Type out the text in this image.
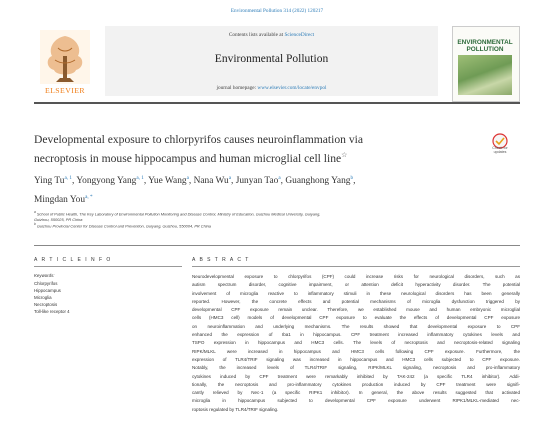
Environmental Pollution 314 (2022) 120217
ELSEVIER
Contents lists available at ScienceDirect
Environmental Pollution
journal homepage: www.elsevier.com/locate/envpol
ENVIRONMENTAL
POLLUTION
Developmental exposure to chlorpyrifos causes neuroinflammation via
necroptosis in mouse hippocampus and human microglial cell line☆
Check for
updates
Ying Tu$^{a, 1}$, Yongyong Yang$^{a, 1}$, Yue Wang$^a$, Nana Wu$^a$, Junyan Tao$^a$, Guanghong Yang$^b$,
Mingdan You$^{a, *}$
$^a$ School of Public Health, The Key Laboratory of Environmental Pollution Monitoring and Disease Control, Ministry of Education, Guizhou Medical University, Guiyang,
Guizhou, 550025, PR China
$^b$ Guizhou Provincial Center for Disease Control and Prevention, Guiyang, Guizhou, 550004, PR China
A R T I C L E I N F O	A B S T R A C T
Keywords:
Chlorpyrifos
Hippocampus
Microglia
Necroptosis
Toll-like receptor 4
Neurodevelopmental exposure to chlorpyrifos (CPF) could increase risks for neurological disorders, such as
autism spectrum disorder, cognitive impairment, or attention deficit hyperactivity disorder. The potential
involvement of microglia reactive to inflammatory stimuli in these neurological disorders has been generally
reported. However, the concrete effects and potential mechanisms of microglia dysfunction triggered by
developmental CPF exposure remain unclear. Therefore, we established mouse and human embryonic microglial
cells (HMC3 cell) models of developmental CPF exposure to evaluate the effects of developmental CPF exposure
on neuroinflammation and underlying mechanisms. The results showed that developmental exposure to CPF
enhanced the expression of Iba1 in hippocampus. CPF treatment increased inflammatory cytokines levels and
TSPO expression in hippocampus and HMC3 cells. The levels of necroptosis and necroptosis-related signaling
RIPK/MLKL were increased in hippocampus and HMC3 cells following CPF exposure. Furthermore, the
expression of TLR4/TRIF signaling was increased in hippocampus and HMC3 cells subjected to CPF exposure.
Notably, the increased levels of TLR4/TRIF signaling, RIPK/MLKL signaling, necroptosis and pro-inflammatory
cytokines induced by CPF treatment were remarkably inhibited by TAK-242 (a specific TLR4 inhibitor). Addi-
tionally, the necroptosis and pro-inflammatory cytokines production induced by CPF treatment were signifi-
cantly relieved by Nec-1 (a specific RIPK1 inhibitor). In general, the above results suggested that activated
microglia in hippocampus subjected to developmental CPF exposure underwent RIPK1/MLKL-mediated nec-
roptosis regulated by TLR4/TRIF signaling.
